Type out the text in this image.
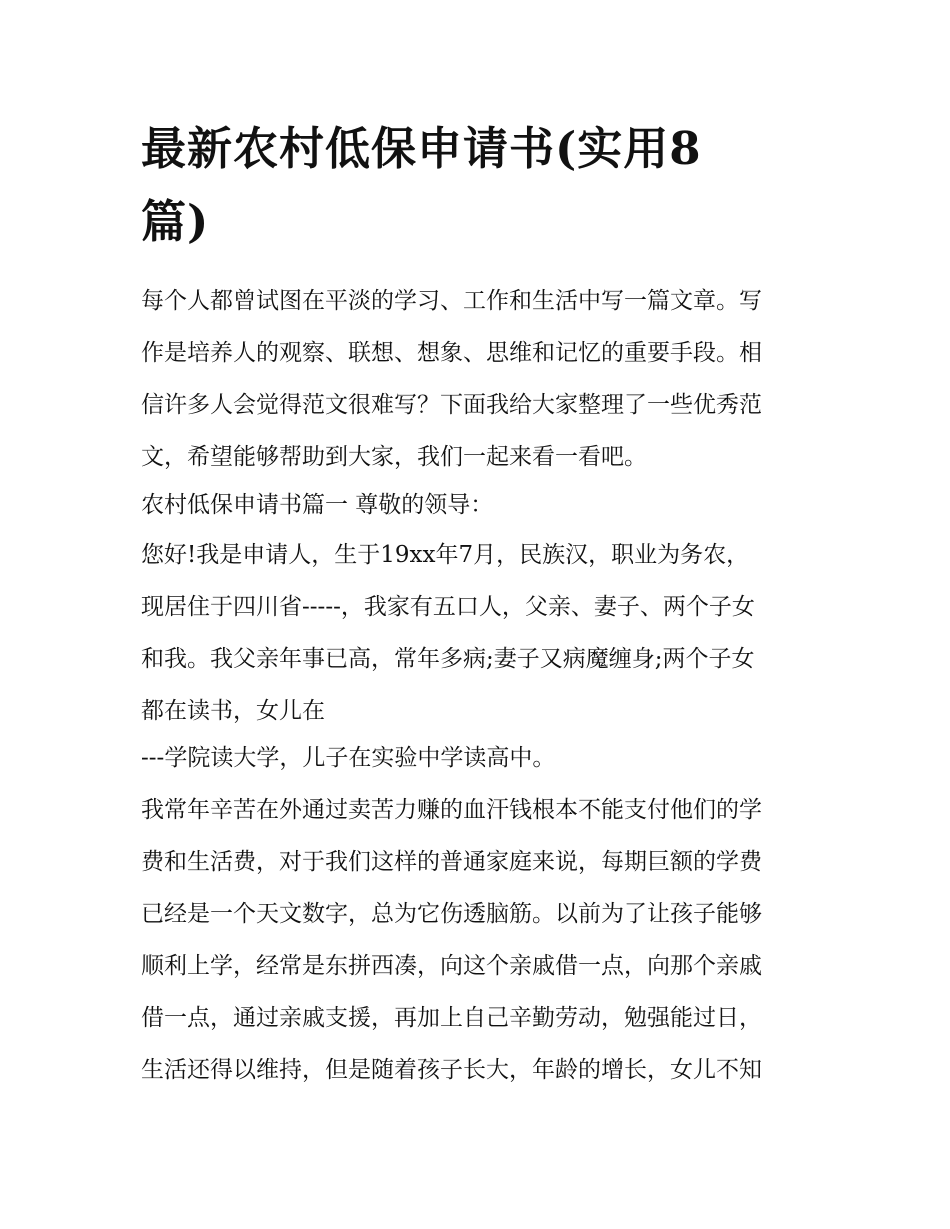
最新农村低保申请书(实用8
篇)
每个人都曾试图在平淡的学习、工作和生活中写一篇文章。写
作是培养人的观察、联想、想象、思维和记忆的重要手段。相
信许多人会觉得范文很难写？下面我给大家整理了一些优秀范
文，希望能够帮助到大家，我们一起来看一看吧。
农村低保申请书篇一 尊敬的领导：
您好!我是申请人，生于19xx年7月，民族汉，职业为务农，
现居住于四川省-----，我家有五口人，父亲、妻子、两个子女
和我。我父亲年事已高，常年多病;妻子又病魔缠身;两个子女
都在读书，女儿在
---学院读大学，儿子在实验中学读高中。
我常年辛苦在外通过卖苦力赚的血汗钱根本不能支付他们的学
费和生活费，对于我们这样的普通家庭来说，每期巨额的学费
已经是一个天文数字，总为它伤透脑筋。以前为了让孩子能够
顺利上学，经常是东拼西凑，向这个亲戚借一点，向那个亲戚
借一点，通过亲戚支援，再加上自己辛勤劳动，勉强能过日，
生活还得以维持，但是随着孩子长大，年龄的增长，女儿不知
